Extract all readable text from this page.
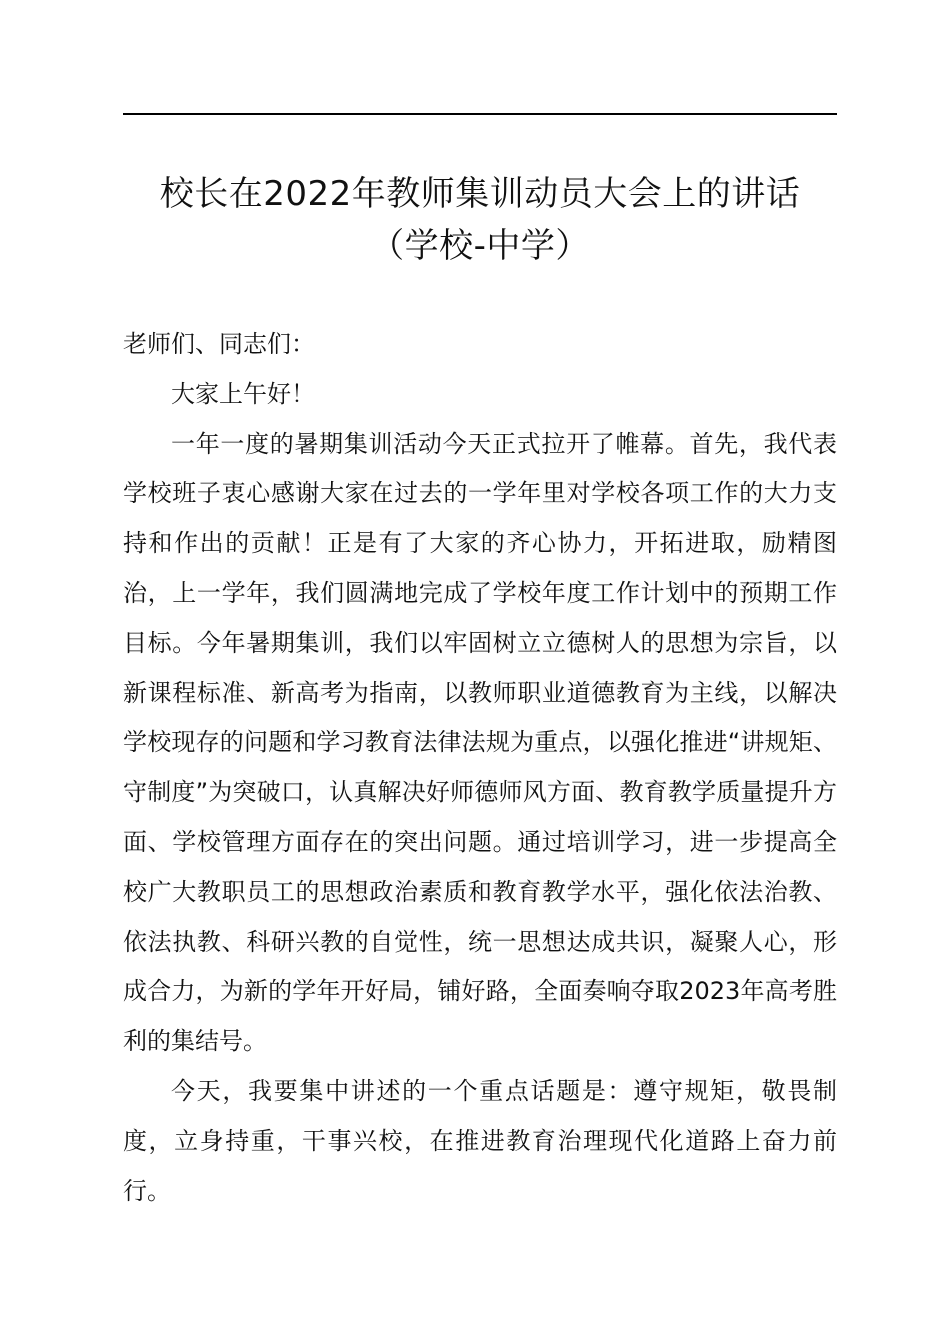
校长在2022年教师集训动员大会上的讲话
（学校-中学）

老师们、同志们：

大家上午好！

一年一度的暑期集训活动今天正式拉开了帷幕。首先，我代表学校班子衷心感谢大家在过去的一学年里对学校各项工作的大力支持和作出的贡献！正是有了大家的齐心协力，开拓进取，励精图治，上一学年，我们圆满地完成了学校年度工作计划中的预期工作目标。今年暑期集训，我们以牢固树立立德树人的思想为宗旨，以新课程标准、新高考为指南，以教师职业道德教育为主线，以解决学校现存的问题和学习教育法律法规为重点，以强化推进“讲规矩、守制度”为突破口，认真解决好师德师风方面、教育教学质量提升方面、学校管理方面存在的突出问题。通过培训学习，进一步提高全校广大教职员工的思想政治素质和教育教学水平，强化依法治教、依法执教、科研兴教的自觉性，统一思想达成共识，凝聚人心，形成合力，为新的学年开好局，铺好路，全面奏响夺取2023年高考胜利的集结号。

今天，我要集中讲述的一个重点话题是：遵守规矩，敬畏制度，立身持重，干事兴校，在推进教育治理现代化道路上奋力前行。
